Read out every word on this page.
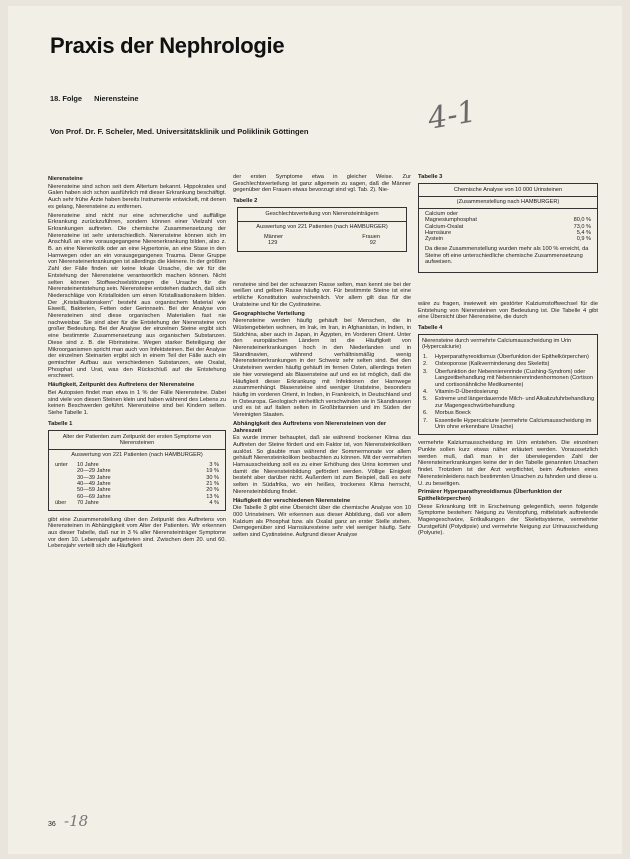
Praxis der Nephrologie
18. Folge Nierensteine	4-1
Von Prof. Dr. F. Scheler, Med. Universitätsklinik und Poliklinik Göttingen
Nierensteine

Nierensteine sind schon seit dem Altertum bekannt. Hippokrates und Galen haben sich schon ausführlich mit dieser Erkrankung beschäftigt. Auch sehr frühe Ärzte haben bereits Instrumente entwickelt, mit denen es gelang, Nierensteine zu entfernen.

Nierensteine sind nicht nur eine schmerzliche und auffällige Erkrankung zurückzuführen, sondern können einer Vielzahl von Erkrankungen auftreten. Die chemische Zusammensetzung der Nierensteine ist sehr unterschiedlich. Nierensteine können sich im Anschluß an eine vorausgegangene Nierenerkrankung bilden, also z. B. an eine Nierenkolik oder an eine Hypertonie, an eine Stase in den Harnwegen oder an ein vorausgegangenes Trauma. Diese Gruppe von Nierensteinerkrankungen ist allerdings die kleinere. In der größten Zahl der Fälle finden wir keine lokale Ursache, die wir für die Entstehung der Nierensteine verantwortlich machen können. Nicht selten können Stoffwechselstörungen die Ursache für die Nierensteinentstehung sein. Nierensteine entstehen dadurch, daß sich Niederschläge von Kristalloiden um einen Kristallisationskern bilden. Der „Kristallisationskern“ besteht aus organischem Material wie Eiweiß, Bakterien, Fetten oder Gerinnseln. Bei der Analyse von Nierensteinen sind diese organischen Materialien fast nie nachweisbar. Sie sind aber für die Entstehung der Nierensteine von großer Bedeutung. Bei der Analyse der einzelnen Steine ergibt sich eine bestimmte Zusammensetzung aus organischen Substanzen. Diese sind z. B. die Fibrinsteine. Wegen starker Beteiligung der Mikroorganismen spricht man auch von Infektsteinen. Bei der Analyse der einzelnen Steinarten ergibt sich in einem Teil der Fälle auch ein gemischter Aufbau aus verschiedenen Substanzen, wie Oxalat, Phosphat und Urat, was den Rückschluß auf die Entstehung erschwert.

Häufigkeit, Zeitpunkt des Auftretens der Nierensteine

Bei Autopsien findet man etwa in 1 % der Fälle Nierensteine. Dabei sind viele von diesen Steinen klein und haben während des Lebens zu keinen Beschwerden geführt. Nierensteine sind bei Kindern selten. Siehe Tabelle 1.

Tabelle 1
Alter der Patienten zum Zeitpunkt der ersten Symptome von Nierensteinen
Auswertung von 221 Patienten (nach HAMBURGER)
unter	10 Jahre	3 %
20—29 Jahre	19 %
30—39 Jahre	30 %
40—49 Jahre	21 %
50—59 Jahre	20 %
60—69 Jahre	13 %
über	70 Jahre	4 %

gibt eine Zusammenstellung über den Zeitpunkt des Auftretens von Nierensteinen in Abhängigkeit vom Alter der Patienten. Wir erkennen aus dieser Tabelle, daß nur in 3 % aller Nierensteinträger Symptome vor dem 10. Lebensjahr aufgetreten sind. Zwischen dem 20. und 60. Lebensjahr verteilt sich die Häufigkeit

der ersten Symptome etwa in gleicher Weise. Zur Geschlechtsverteilung ist ganz allgemein zu sagen, daß die Männer gegenüber den Frauen etwas bevorzugt sind vgl. Tab. 2). Nie-

Tabelle 2
Geschlechtsverteilung von Nierensteinträgern
Auswertung von 221 Patienten (nach HAMBURGER)
Männer	Frauen
129	92

rensteine sind bei der schwarzen Rasse selten, man kennt sie bei der weißen und gelben Rasse häufig vor. Für bestimmte Steine ist eine erbliche Konstitution wahrscheinlich. Vor allem gilt das für die Uratsteine und für die Cystinsteine.

Geographische Verteilung

Nierensteine werden häufig gehäuft bei Menschen, die in Wüstengebieten wohnen, im Irak, im Iran, in Afghanistan, in Indien, in Südchina, aber auch in Japan, in Ägypten, im Vorderen Orient. Unter den europäischen Ländern ist die Häufigkeit von Nierensteinerkrankungen hoch in den Niederlanden und in Skandinavien, während verhältnismäßig wenig Nierensteinerkrankungen in der Schweiz sehr selten sind. Bei den Urateteinen werden häufig gehäuft im fernen Osten, allerdings treten sie hier vorwiegend als Blasensteine auf und es ist möglich, daß die Häufigkeit dieser Erkrankung mit Infektionen der Harnwege zusammenhängt. Blasensteine sind weniger Uratsteine, besonders häufig im vorderen Orient, in Indien, in Frankreich, in Deutschland und in Osteuropa. Geologisch einheitlich verschwinden sie in Skandinavien und es ist auf Italien selten in Großbritannien und im Süden der Vereinigten Staaten.

Abhängigkeit des Auftretens von Nierensteinen von der Jahreszeit

Es wurde immer behauptet, daß sie während trockener Klima das Auftreten der Steine fördert und ein Faktor ist, von Nierensteinkoliken auslöst. So glaubte man während der Sommermonate vor allem gehäuft Nierensteinkoliken beobachten zu können. Mit der vermehrten Harnausscheidung soll es zu einer Erhöhung des Urins kommen und damit die Nierensteinbildung gefördert werden. Völlige Einigkeit besteht aber darüber nicht. Außerdem ist zum Beispiel, daß es sehr selten in Südafrika, wo ein heißes, trockenes Klima herrscht, Nierensteinbildung findet.

Häufigkeit der verschiedenen Nierensteine

Die Tabelle 3 gibt eine Übersicht über die chemische Analyse von 10 000 Urinsteinen. Wir erkennen aus dieser Abbildung, daß vor allem Kalzium als Phosphat bzw. als Oxalat ganz an erster Stelle stehen. Demgegenüber sind Harnsäuresteine sehr viel weniger häufig. Sehr selten sind Cystinsteine. Aufgrund dieser Analyse

Tabelle 3
Chemische Analyse von 10 000 Urinsteinen
(Zusammenstellung nach HAMBURGER)
Calcium oder
Magnesiumphosphat	80,0 %
Calcium-Oxalat	73,0 %
Harnsäure	5,4 %
Zystein	0,9 %
Da diese Zusammenstellung wurden mehr als 100 % erreicht, da Steine oft eine unterschiedliche chemische Zusammensetzung aufweisen.

wäre zu fragen, inwieweit ein gestörter Kalziumstoffwechsel für die Entstehung von Nierensteinen von Bedeutung ist. Die Tabelle 4 gibt eine Übersicht über Nierensteine, die durch

Tabelle 4
Nierensteine durch vermehrte Calciumausscheidung im Urin (Hypercalciurie)
1.	Hyperparathyreoidismus (Überfunktion der Epithelkörperchen)
2.	Osteoporose (Kalkverminderung des Skeletts)
3.	Überfunktion der Nebennierenrinde (Cushing-Syndrom) oder Langzeitbehandlung mit Nebennierenrindenhormonen (Cortison und cortisonähnliche Medikamente)
4.	Vitamin-D-Überdosierung
5.	Extreme und längerdauernde Milch- und Alkalizufuhrbehandlung zur Magengeschwürbehandlung
6.	Morbus Boeck
7.	Essentielle Hypercalciurie (vermehrte Calciumausscheidung im Urin ohne erkennbare Ursache)

vermehrte Kalziumausscheidung im Urin entstehen. Die einzelnen Punkte sollen kurz etwas näher erläutert werden. Voraussetzlich werden muß, daß man in der überwiegenden Zahl der Nierensteinerkrankungen keine der in der Tabelle genannten Ursachen findet. Trotzdem ist der Arzt verpflichtet, beim Auftreten eines Nierensteinleidens nach bestimmten Ursachen zu fahnden und diese u. U. zu beseitigen.

Primärer Hyperparathyreoidismus (Überfunktion der Epithelkörperchen)

Diese Erkrankung tritt in Erscheinung gelegentlich, wenn folgende Symptome bestehen: Neigung zu Verstopfung, mittelstark auftretende Magengeschwüre, Entkalkungen der Skelettsysteme, vermehrter Durstgefühl (Polydipsie) und vermehrte Neigung zur Urinausscheidung (Polyurie).

36 -18
